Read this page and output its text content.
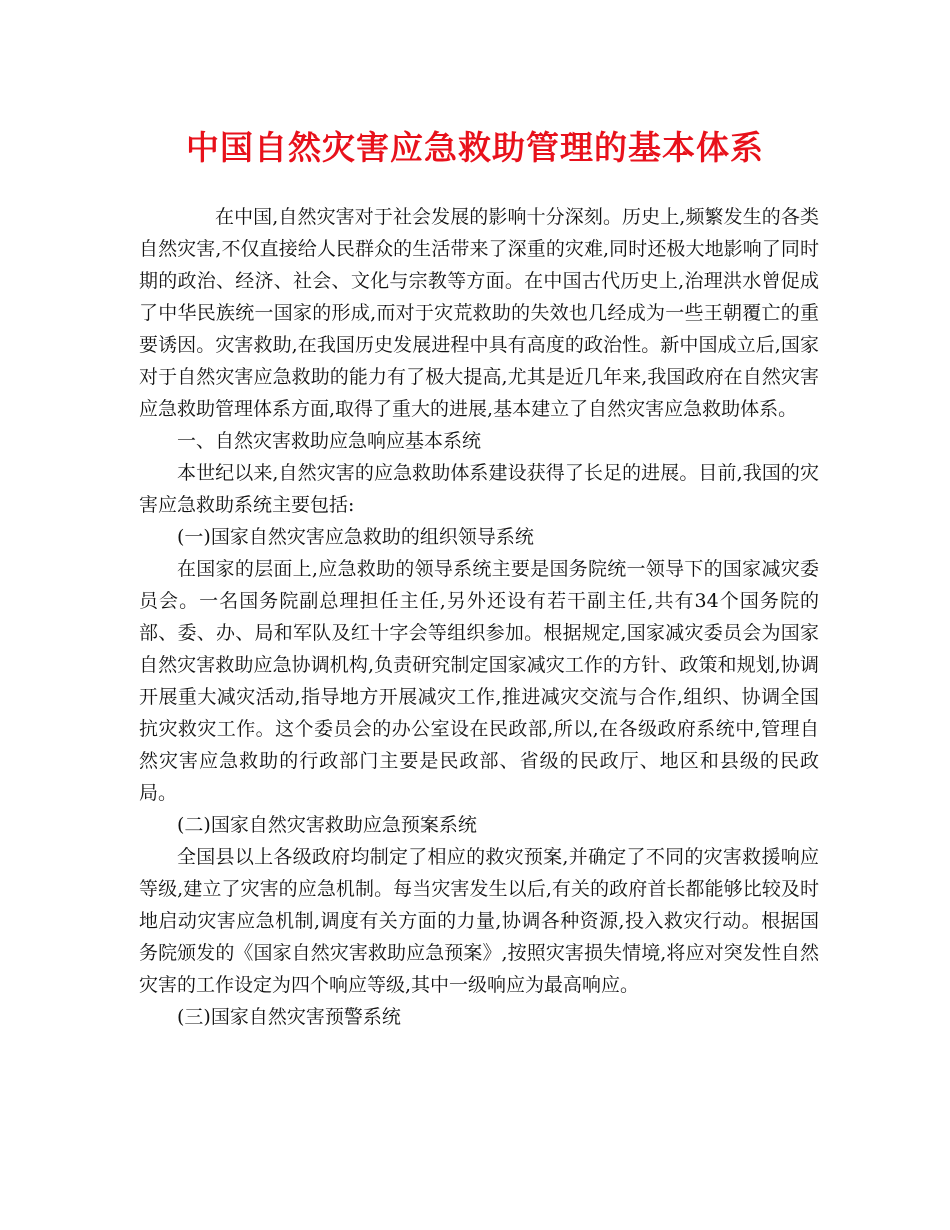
中国自然灾害应急救助管理的基本体系

在中国,自然灾害对于社会发展的影响十分深刻。历史上,频繁发生的各类自然灾害,不仅直接给人民群众的生活带来了深重的灾难,同时还极大地影响了同时期的政治、经济、社会、文化与宗教等方面。在中国古代历史上,治理洪水曾促成了中华民族统一国家的形成,而对于灾荒救助的失效也几经成为一些王朝覆亡的重要诱因。灾害救助,在我国历史发展进程中具有高度的政治性。新中国成立后,国家对于自然灾害应急救助的能力有了极大提高,尤其是近几年来,我国政府在自然灾害应急救助管理体系方面,取得了重大的进展,基本建立了自然灾害应急救助体系。

一、自然灾害救助应急响应基本系统

本世纪以来,自然灾害的应急救助体系建设获得了长足的进展。目前,我国的灾害应急救助系统主要包括:

(一)国家自然灾害应急救助的组织领导系统

在国家的层面上,应急救助的领导系统主要是国务院统一领导下的国家减灾委员会。一名国务院副总理担任主任,另外还设有若干副主任,共有34个国务院的部、委、办、局和军队及红十字会等组织参加。根据规定,国家减灾委员会为国家自然灾害救助应急协调机构,负责研究制定国家减灾工作的方针、政策和规划,协调开展重大减灾活动,指导地方开展减灾工作,推进减灾交流与合作,组织、协调全国抗灾救灾工作。这个委员会的办公室设在民政部,所以,在各级政府系统中,管理自然灾害应急救助的行政部门主要是民政部、省级的民政厅、地区和县级的民政局。

(二)国家自然灾害救助应急预案系统

全国县以上各级政府均制定了相应的救灾预案,并确定了不同的灾害救援响应等级,建立了灾害的应急机制。每当灾害发生以后,有关的政府首长都能够比较及时地启动灾害应急机制,调度有关方面的力量,协调各种资源,投入救灾行动。根据国务院颁发的《国家自然灾害救助应急预案》,按照灾害损失情境,将应对突发性自然灾害的工作设定为四个响应等级,其中一级响应为最高响应。

(三)国家自然灾害预警系统
